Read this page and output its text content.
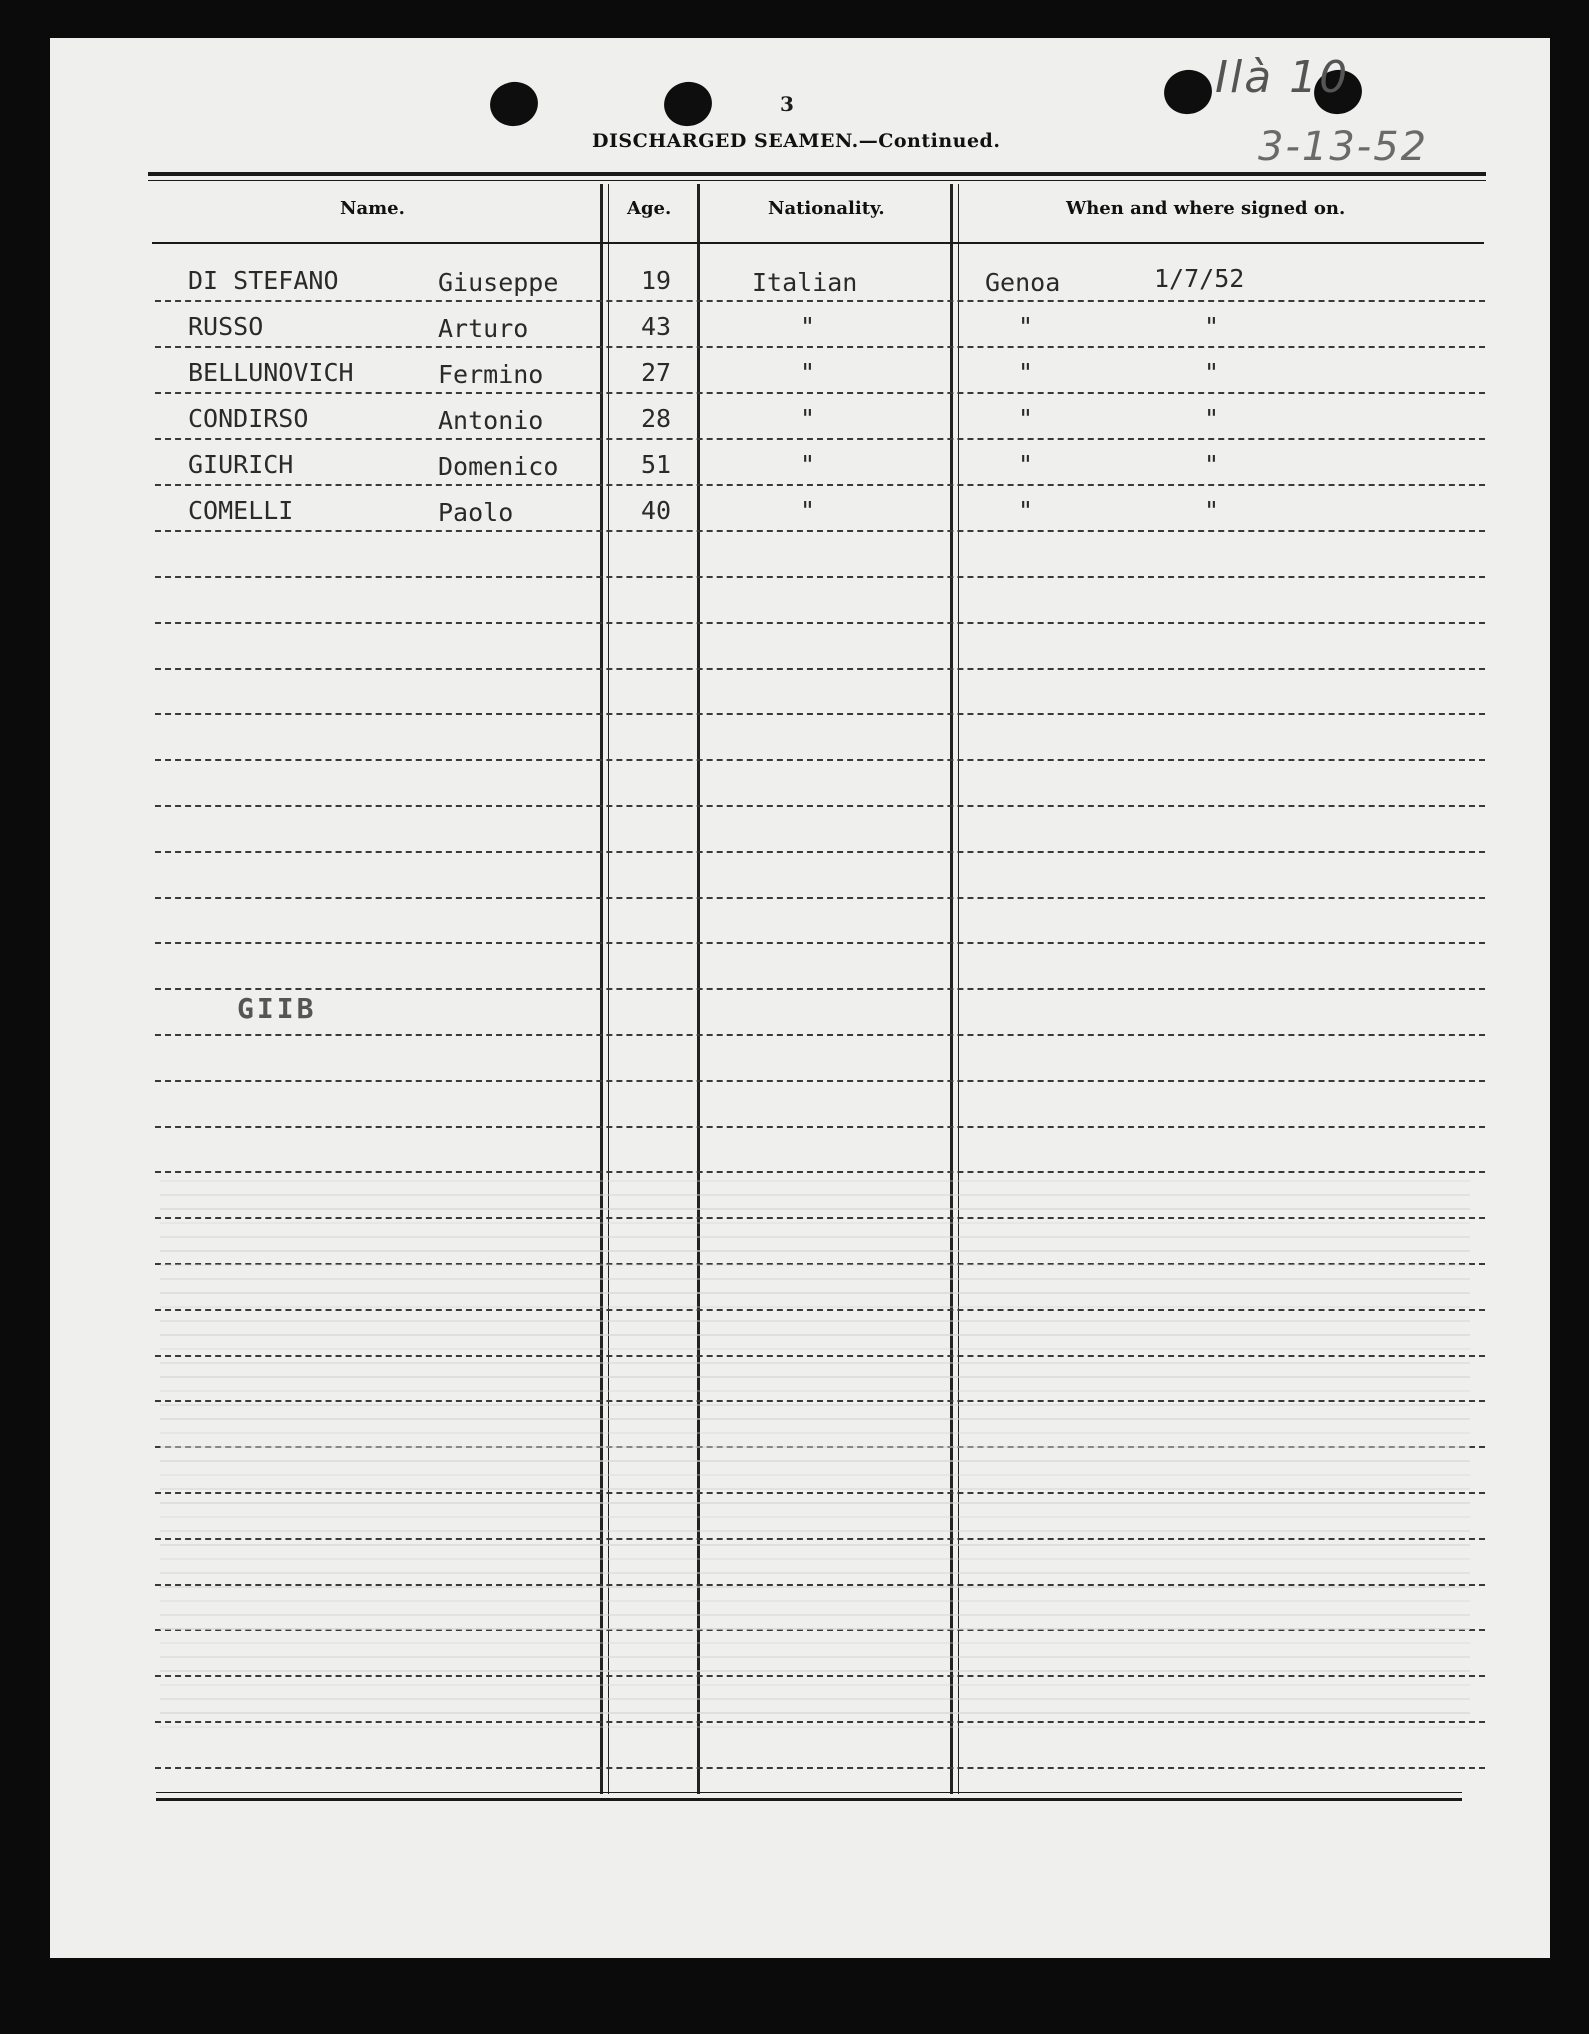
3
DISCHARGED SEAMEN.—Continued.
Ilà 10
3-13-52
Name.	Age.	Nationality.	When and where signed on.
DI STEFANO	Giuseppe	19	Italian	Genoa	1/7/52
RUSSO	Arturo	43	"	"	"
BELLUNOVICH	Fermino	27	"	"	"
CONDIRSO	Antonio	28	"	"	"
GIURICH	Domenico	51	"	"	"
COMELLI	Paolo	40	"	"	"
GIIB
